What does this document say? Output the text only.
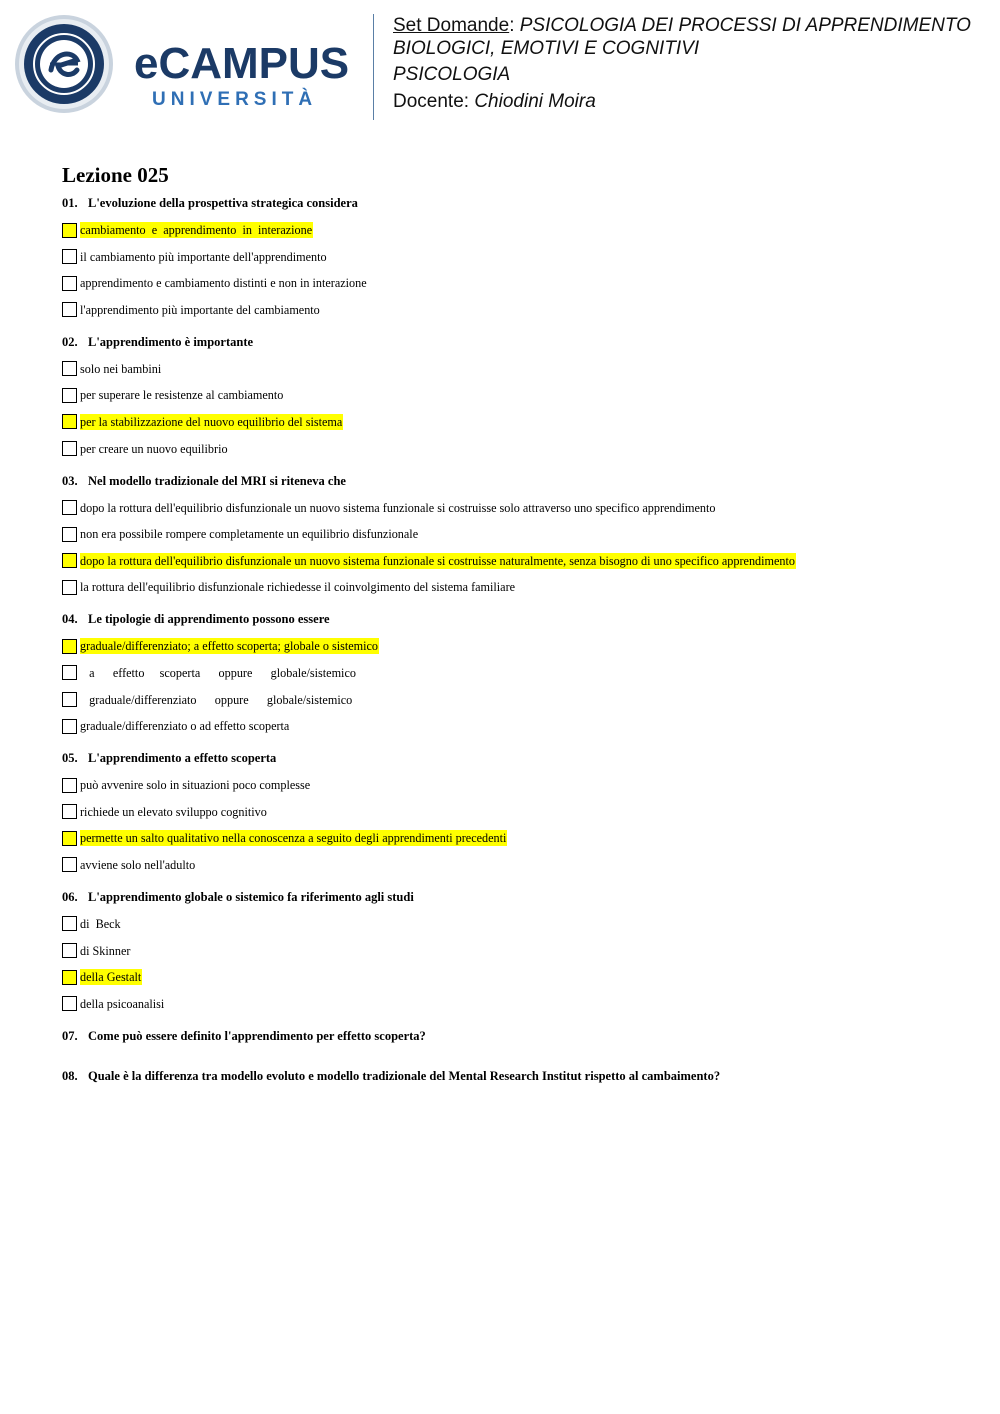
eCAMPUS
UNIVERSITÀ
Set Domande: PSICOLOGIA DEI PROCESSI DI APPRENDIMENTO
BIOLOGICI, EMOTIVI E COGNITIVI
PSICOLOGIA
Docente: Chiodini Moira
Lezione 025
01. L'evoluzione della prospettiva strategica considera
cambiamento  e  apprendimento  in  interazione
il cambiamento più importante dell'apprendimento
apprendimento e cambiamento distinti e non in interazione
l'apprendimento più importante del cambiamento
02. L'apprendimento è importante
solo nei bambini
per superare le resistenze al cambiamento
per la stabilizzazione del nuovo equilibrio del sistema
per creare un nuovo equilibrio
03. Nel modello tradizionale del MRI si riteneva che
dopo la rottura dell'equilibrio disfunzionale un nuovo sistema funzionale si costruisse solo attraverso uno specifico apprendimento
non era possibile rompere completamente un equilibrio disfunzionale
dopo la rottura dell'equilibrio disfunzionale un nuovo sistema funzionale si costruisse naturalmente, senza bisogno di uno specifico apprendimento
la rottura dell'equilibrio disfunzionale richiedesse il coinvolgimento del sistema familiare
04. Le tipologie di apprendimento possono essere
graduale/differenziato; a effetto scoperta; globale o sistemico
a      effetto     scoperta      oppure      globale/sistemico
graduale/differenziato      oppure      globale/sistemico
graduale/differenziato o ad effetto scoperta
05. L'apprendimento a effetto scoperta
può avvenire solo in situazioni poco complesse
richiede un elevato sviluppo cognitivo
permette un salto qualitativo nella conoscenza a seguito degli apprendimenti precedenti
avviene solo nell'adulto
06. L'apprendimento globale o sistemico fa riferimento agli studi
di  Beck
di Skinner
della Gestalt
della psicoanalisi
07. Come può essere definito l'apprendimento per effetto scoperta?
08. Quale è la differenza tra modello evoluto e modello tradizionale del Mental Research Institut rispetto al cambaimento?
